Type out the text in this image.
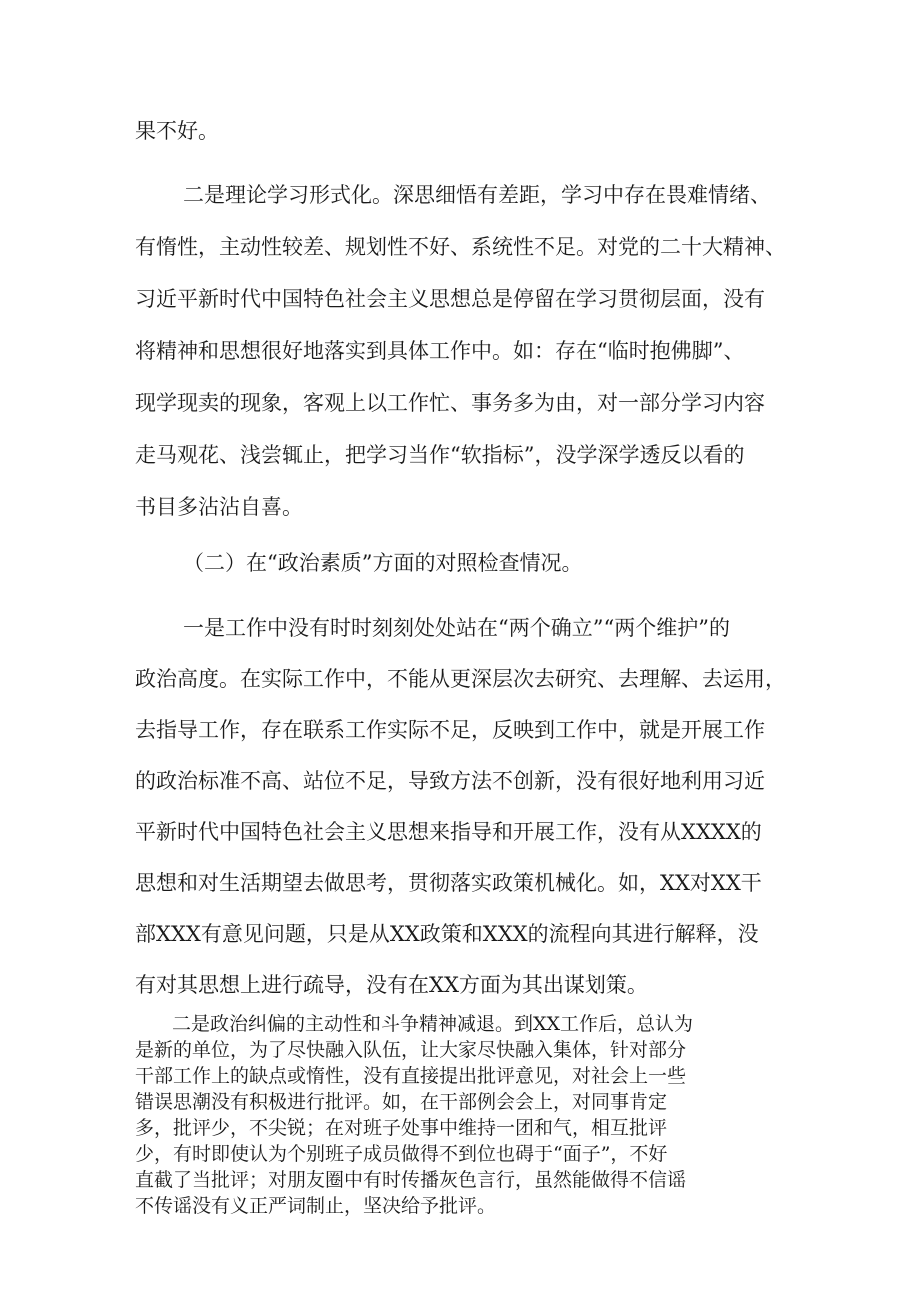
果不好。

二是理论学习形式化。深思细悟有差距，学习中存在畏难情绪、

有惰性，主动性较差、规划性不好、系统性不足。对党的二十大精神、

习近平新时代中国特色社会主义思想总是停留在学习贯彻层面，没有

将精神和思想很好地落实到具体工作中。如：存在“临时抱佛脚”、

现学现卖的现象，客观上以工作忙、事务多为由，对一部分学习内容

走马观花、浅尝辄止，把学习当作“软指标”，没学深学透反以看的

书目多沾沾自喜。

（二）在“政治素质”方面的对照检查情况。

一是工作中没有时时刻刻处处站在“两个确立”“两个维护”的

政治高度。在实际工作中，不能从更深层次去研究、去理解、去运用，

去指导工作，存在联系工作实际不足，反映到工作中，就是开展工作

的政治标准不高、站位不足，导致方法不创新，没有很好地利用习近

平新时代中国特色社会主义思想来指导和开展工作，没有从XXXX的

思想和对生活期望去做思考，贯彻落实政策机械化。如，XX对XX干

部XXX有意见问题，只是从XX政策和XXX的流程向其进行解释，没

有对其思想上进行疏导，没有在XX方面为其出谋划策。

二是政治纠偏的主动性和斗争精神减退。到XX工作后，总认为

是新的单位，为了尽快融入队伍，让大家尽快融入集体，针对部分

干部工作上的缺点或惰性，没有直接提出批评意见，对社会上一些

错误思潮没有积极进行批评。如，在干部例会会上，对同事肯定

多，批评少，不尖锐；在对班子处事中维持一团和气，相互批评

少，有时即使认为个别班子成员做得不到位也碍于“面子”，不好

直截了当批评；对朋友圈中有时传播灰色言行，虽然能做得不信谣

不传谣没有义正严词制止，坚决给予批评。
